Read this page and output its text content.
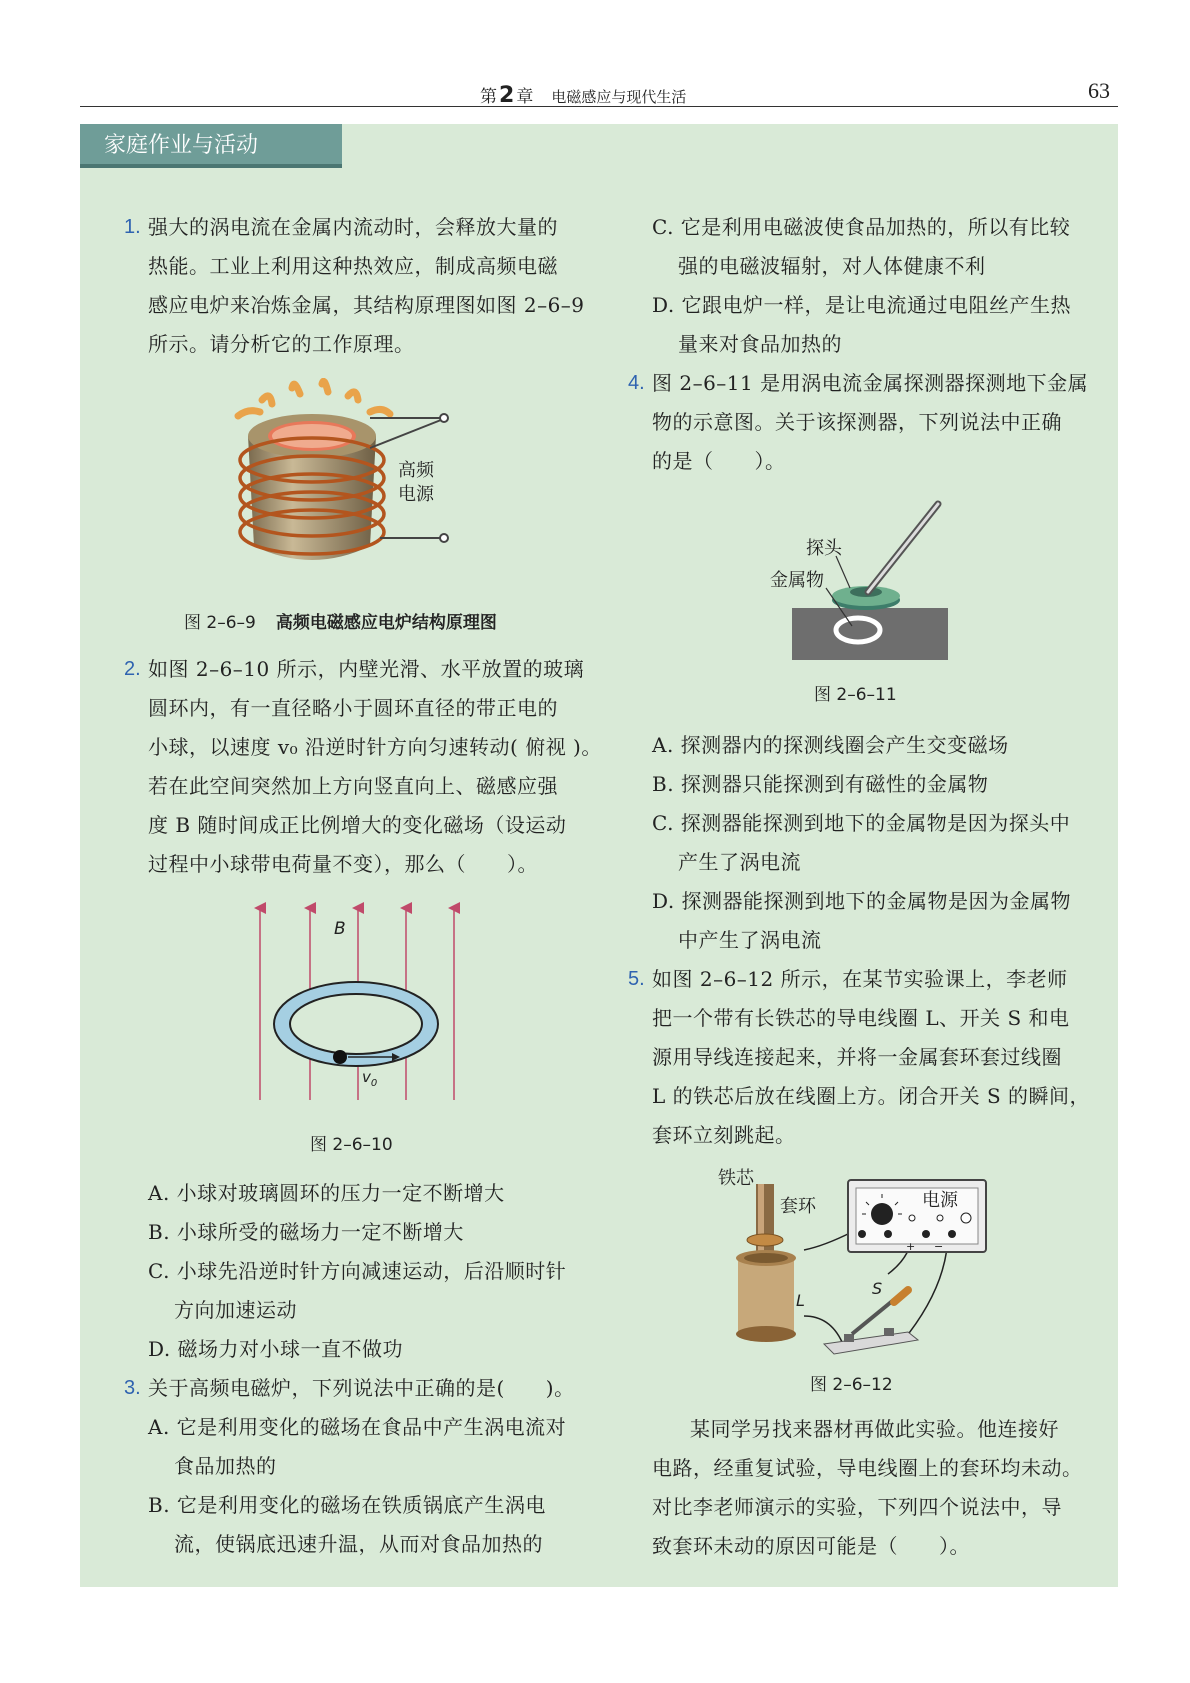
第2 章 电磁感应与现代生活	63
家庭作业与活动
1. 强大的涡电流在金属内流动时，会释放大量的
热能。工业上利用这种热效应，制成高频电磁
感应电炉来冶炼金属，其结构原理图如图 2–6–9
所示。请分析它的工作原理。
高频
电源
图 2–6–9 高频电磁感应电炉结构原理图
2. 如图 2–6–10 所示，内壁光滑、水平放置的玻璃
圆环内，有一直径略小于圆环直径的带正电的
小球，以速度 v₀ 沿逆时针方向匀速转动( 俯视 )。
若在此空间突然加上方向竖直向上、磁感应强
度 B 随时间成正比例增大的变化磁场（设运动
过程中小球带电荷量不变），那么（　　）。
B
$v_0$
图 2–6–10
A. 小球对玻璃圆环的压力一定不断增大
B. 小球所受的磁场力一定不断增大
C. 小球先沿逆时针方向减速运动，后沿顺时针
方向加速运动
D. 磁场力对小球一直不做功
3. 关于高频电磁炉，下列说法中正确的是(　　)。
A. 它是利用变化的磁场在食品中产生涡电流对
食品加热的
B. 它是利用变化的磁场在铁质锅底产生涡电
流，使锅底迅速升温，从而对食品加热的
C. 它是利用电磁波使食品加热的，所以有比较
强的电磁波辐射，对人体健康不利
D. 它跟电炉一样，是让电流通过电阻丝产生热
量来对食品加热的
4. 图 2–6–11 是用涡电流金属探测器探测地下金属
物的示意图。关于该探测器，下列说法中正确
的是（　　）。
探头
金属物
图 2–6–11
A. 探测器内的探测线圈会产生交变磁场
B. 探测器只能探测到有磁性的金属物
C. 探测器能探测到地下的金属物是因为探头中
产生了涡电流
D. 探测器能探测到地下的金属物是因为金属物
中产生了涡电流
5. 如图 2–6–12 所示，在某节实验课上，李老师
把一个带有长铁芯的导电线圈 L、开关 S 和电
源用导线连接起来，并将一金属套环套过线圈
L 的铁芯后放在线圈上方。闭合开关 S 的瞬间，
套环立刻跳起。
铁芯
套环	电源
L
S
+ −
图 2–6–12
某同学另找来器材再做此实验。他连接好
电路，经重复试验，导电线圈上的套环均未动。
对比李老师演示的实验，下列四个说法中，导
致套环未动的原因可能是（　　）。
